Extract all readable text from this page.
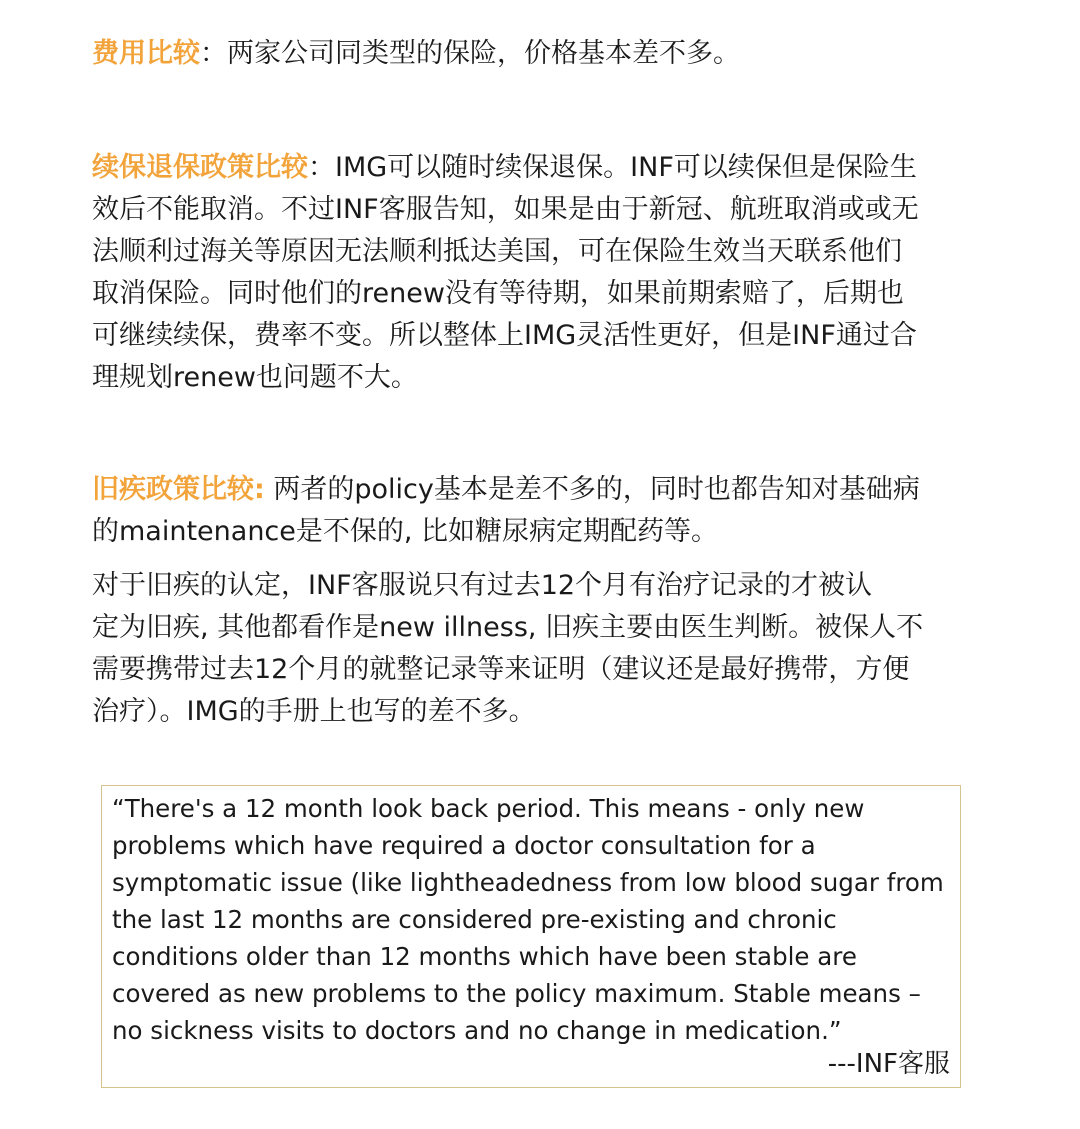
费用比较：两家公司同类型的保险，价格基本差不多。

续保退保政策比较：IMG可以随时续保退保。INF可以续保但是保险生
效后不能取消。不过INF客服告知，如果是由于新冠、航班取消或或无
法顺利过海关等原因无法顺利抵达美国，可在保险生效当天联系他们
取消保险。同时他们的renew没有等待期，如果前期索赔了，后期也
可继续续保，费率不变。所以整体上IMG灵活性更好，但是INF通过合
理规划renew也问题不大。

旧疾政策比较: 两者的policy基本是差不多的，同时也都告知对基础病
的maintenance是不保的, 比如糖尿病定期配药等。

对于旧疾的认定，INF客服说只有过去12个月有治疗记录的才被认
定为旧疾, 其他都看作是new illness, 旧疾主要由医生判断。被保人不
需要携带过去12个月的就整记录等来证明（建议还是最好携带，方便
治疗）。IMG的手册上也写的差不多。

“There's a 12 month look back period. This means - only new
problems which have required a doctor consultation for a
symptomatic issue (like lightheadedness from low blood sugar from
the last 12 months are considered pre-existing and chronic
conditions older than 12 months which have been stable are
covered as new problems to the policy maximum. Stable means –
no sickness visits to doctors and no change in medication.”
---INF客服
